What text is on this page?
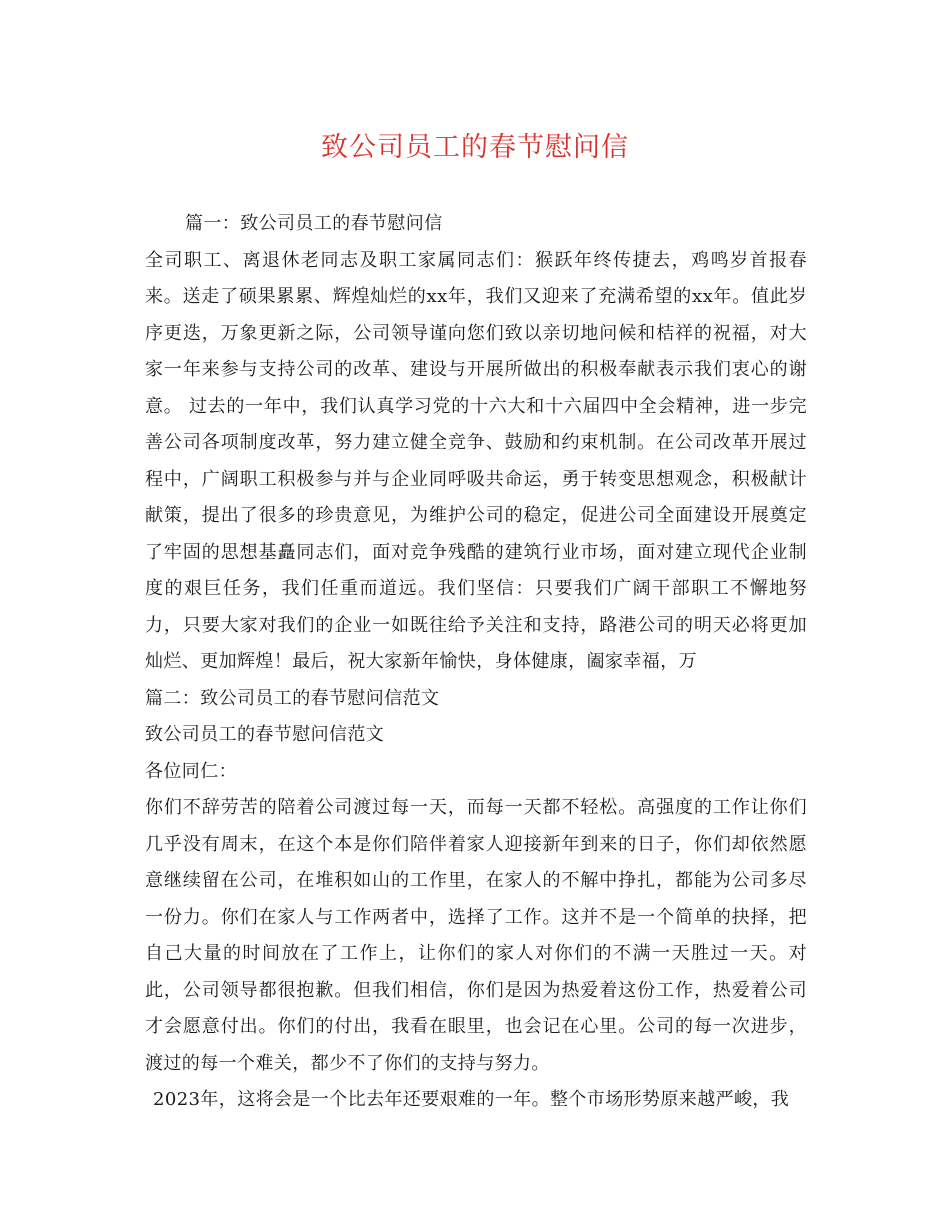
致公司员工的春节慰问信

篇一：致公司员工的春节慰问信

全司职工、离退休老同志及职工家属同志们：猴跃年终传捷去，鸡鸣岁首报春来。送走了硕果累累、辉煌灿烂的xx年，我们又迎来了充满希望的xx年。值此岁序更迭，万象更新之际，公司领导谨向您们致以亲切地问候和桔祥的祝福，对大家一年来参与支持公司的改革、建设与开展所做出的积极奉献表示我们衷心的谢意。 过去的一年中，我们认真学习党的十六大和十六届四中全会精神，进一步完善公司各项制度改革，努力建立健全竞争、鼓励和约束机制。在公司改革开展过程中，广阔职工积极参与并与企业同呼吸共命运，勇于转变思想观念，积极献计献策，提出了很多的珍贵意见，为维护公司的稳定，促进公司全面建设开展奠定了牢固的思想基矗同志们，面对竞争残酷的建筑行业市场，面对建立现代企业制度的艰巨任务，我们任重而道远。我们坚信：只要我们广阔干部职工不懈地努力，只要大家对我们的企业一如既往给予关注和支持，路港公司的明天必将更加灿烂、更加辉煌！最后，祝大家新年愉快，身体健康，阖家幸福，万

篇二：致公司员工的春节慰问信范文

致公司员工的春节慰问信范文

各位同仁：

你们不辞劳苦的陪着公司渡过每一天，而每一天都不轻松。高强度的工作让你们几乎没有周末，在这个本是你们陪伴着家人迎接新年到来的日子，你们却依然愿意继续留在公司，在堆积如山的工作里，在家人的不解中挣扎，都能为公司多尽一份力。你们在家人与工作两者中，选择了工作。这并不是一个简单的抉择，把自己大量的时间放在了工作上，让你们的家人对你们的不满一天胜过一天。对此，公司领导都很抱歉。但我们相信，你们是因为热爱着这份工作，热爱着公司才会愿意付出。你们的付出，我看在眼里，也会记在心里。公司的每一次进步，渡过的每一个难关，都少不了你们的支持与努力。

2023年，这将会是一个比去年还要艰难的一年。整个市场形势原来越严峻，我
